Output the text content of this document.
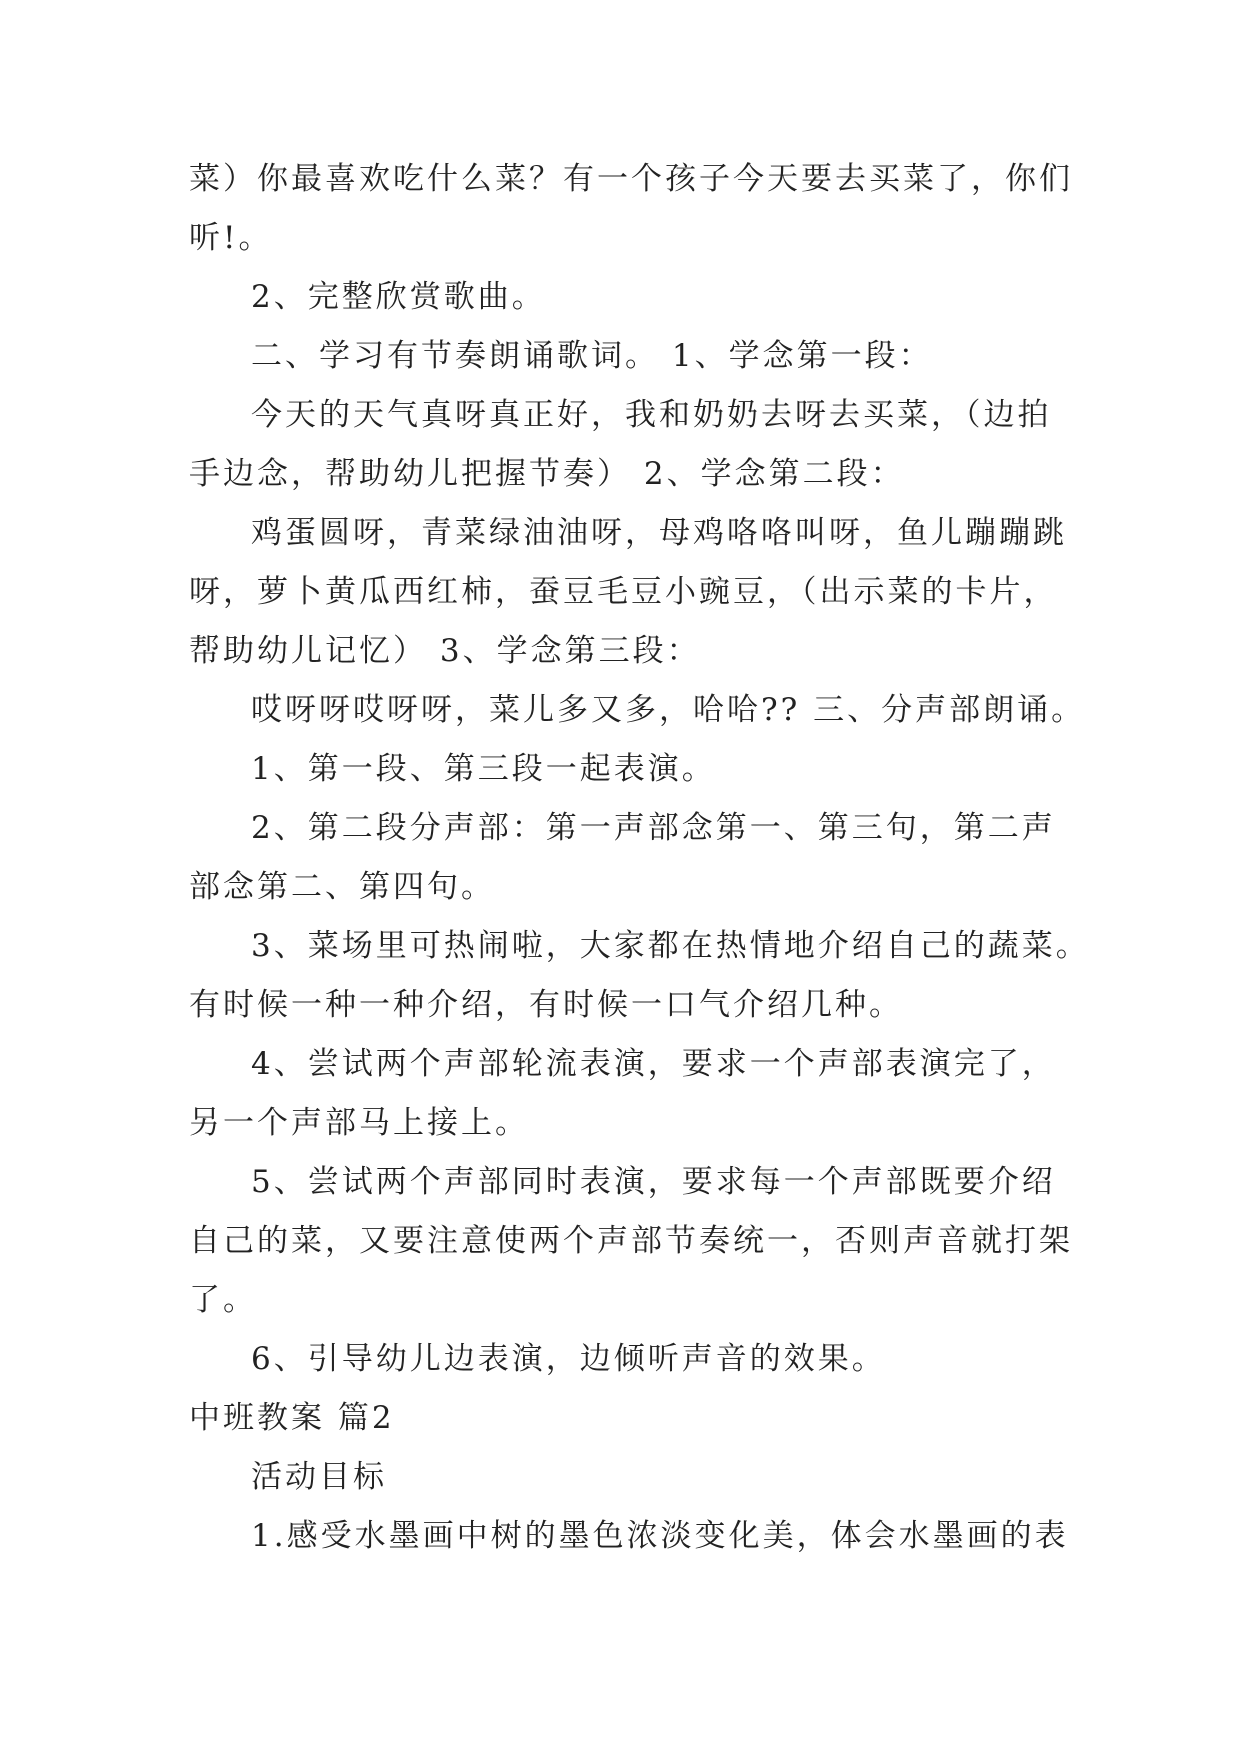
菜）你最喜欢吃什么菜？有一个孩子今天要去买菜了，你们

听!。

2、完整欣赏歌曲。

二、学习有节奏朗诵歌词。 1、学念第一段：

今天的天气真呀真正好，我和奶奶去呀去买菜，（边拍

手边念，帮助幼儿把握节奏） 2、学念第二段：

鸡蛋圆呀，青菜绿油油呀，母鸡咯咯叫呀，鱼儿蹦蹦跳

呀，萝卜黄瓜西红柿，蚕豆毛豆小豌豆，（出示菜的卡片，

帮助幼儿记忆） 3、学念第三段：

哎呀呀哎呀呀，菜儿多又多，哈哈?? 三、分声部朗诵。

1、第一段、第三段一起表演。

2、第二段分声部：第一声部念第一、第三句，第二声

部念第二、第四句。

3、菜场里可热闹啦，大家都在热情地介绍自己的蔬菜。

有时候一种一种介绍，有时候一口气介绍几种。

4、尝试两个声部轮流表演，要求一个声部表演完了，

另一个声部马上接上。

5、尝试两个声部同时表演，要求每一个声部既要介绍

自己的菜，又要注意使两个声部节奏统一，否则声音就打架

了。

6、引导幼儿边表演，边倾听声音的效果。

中班教案 篇2

活动目标

1.感受水墨画中树的墨色浓淡变化美，体会水墨画的表
